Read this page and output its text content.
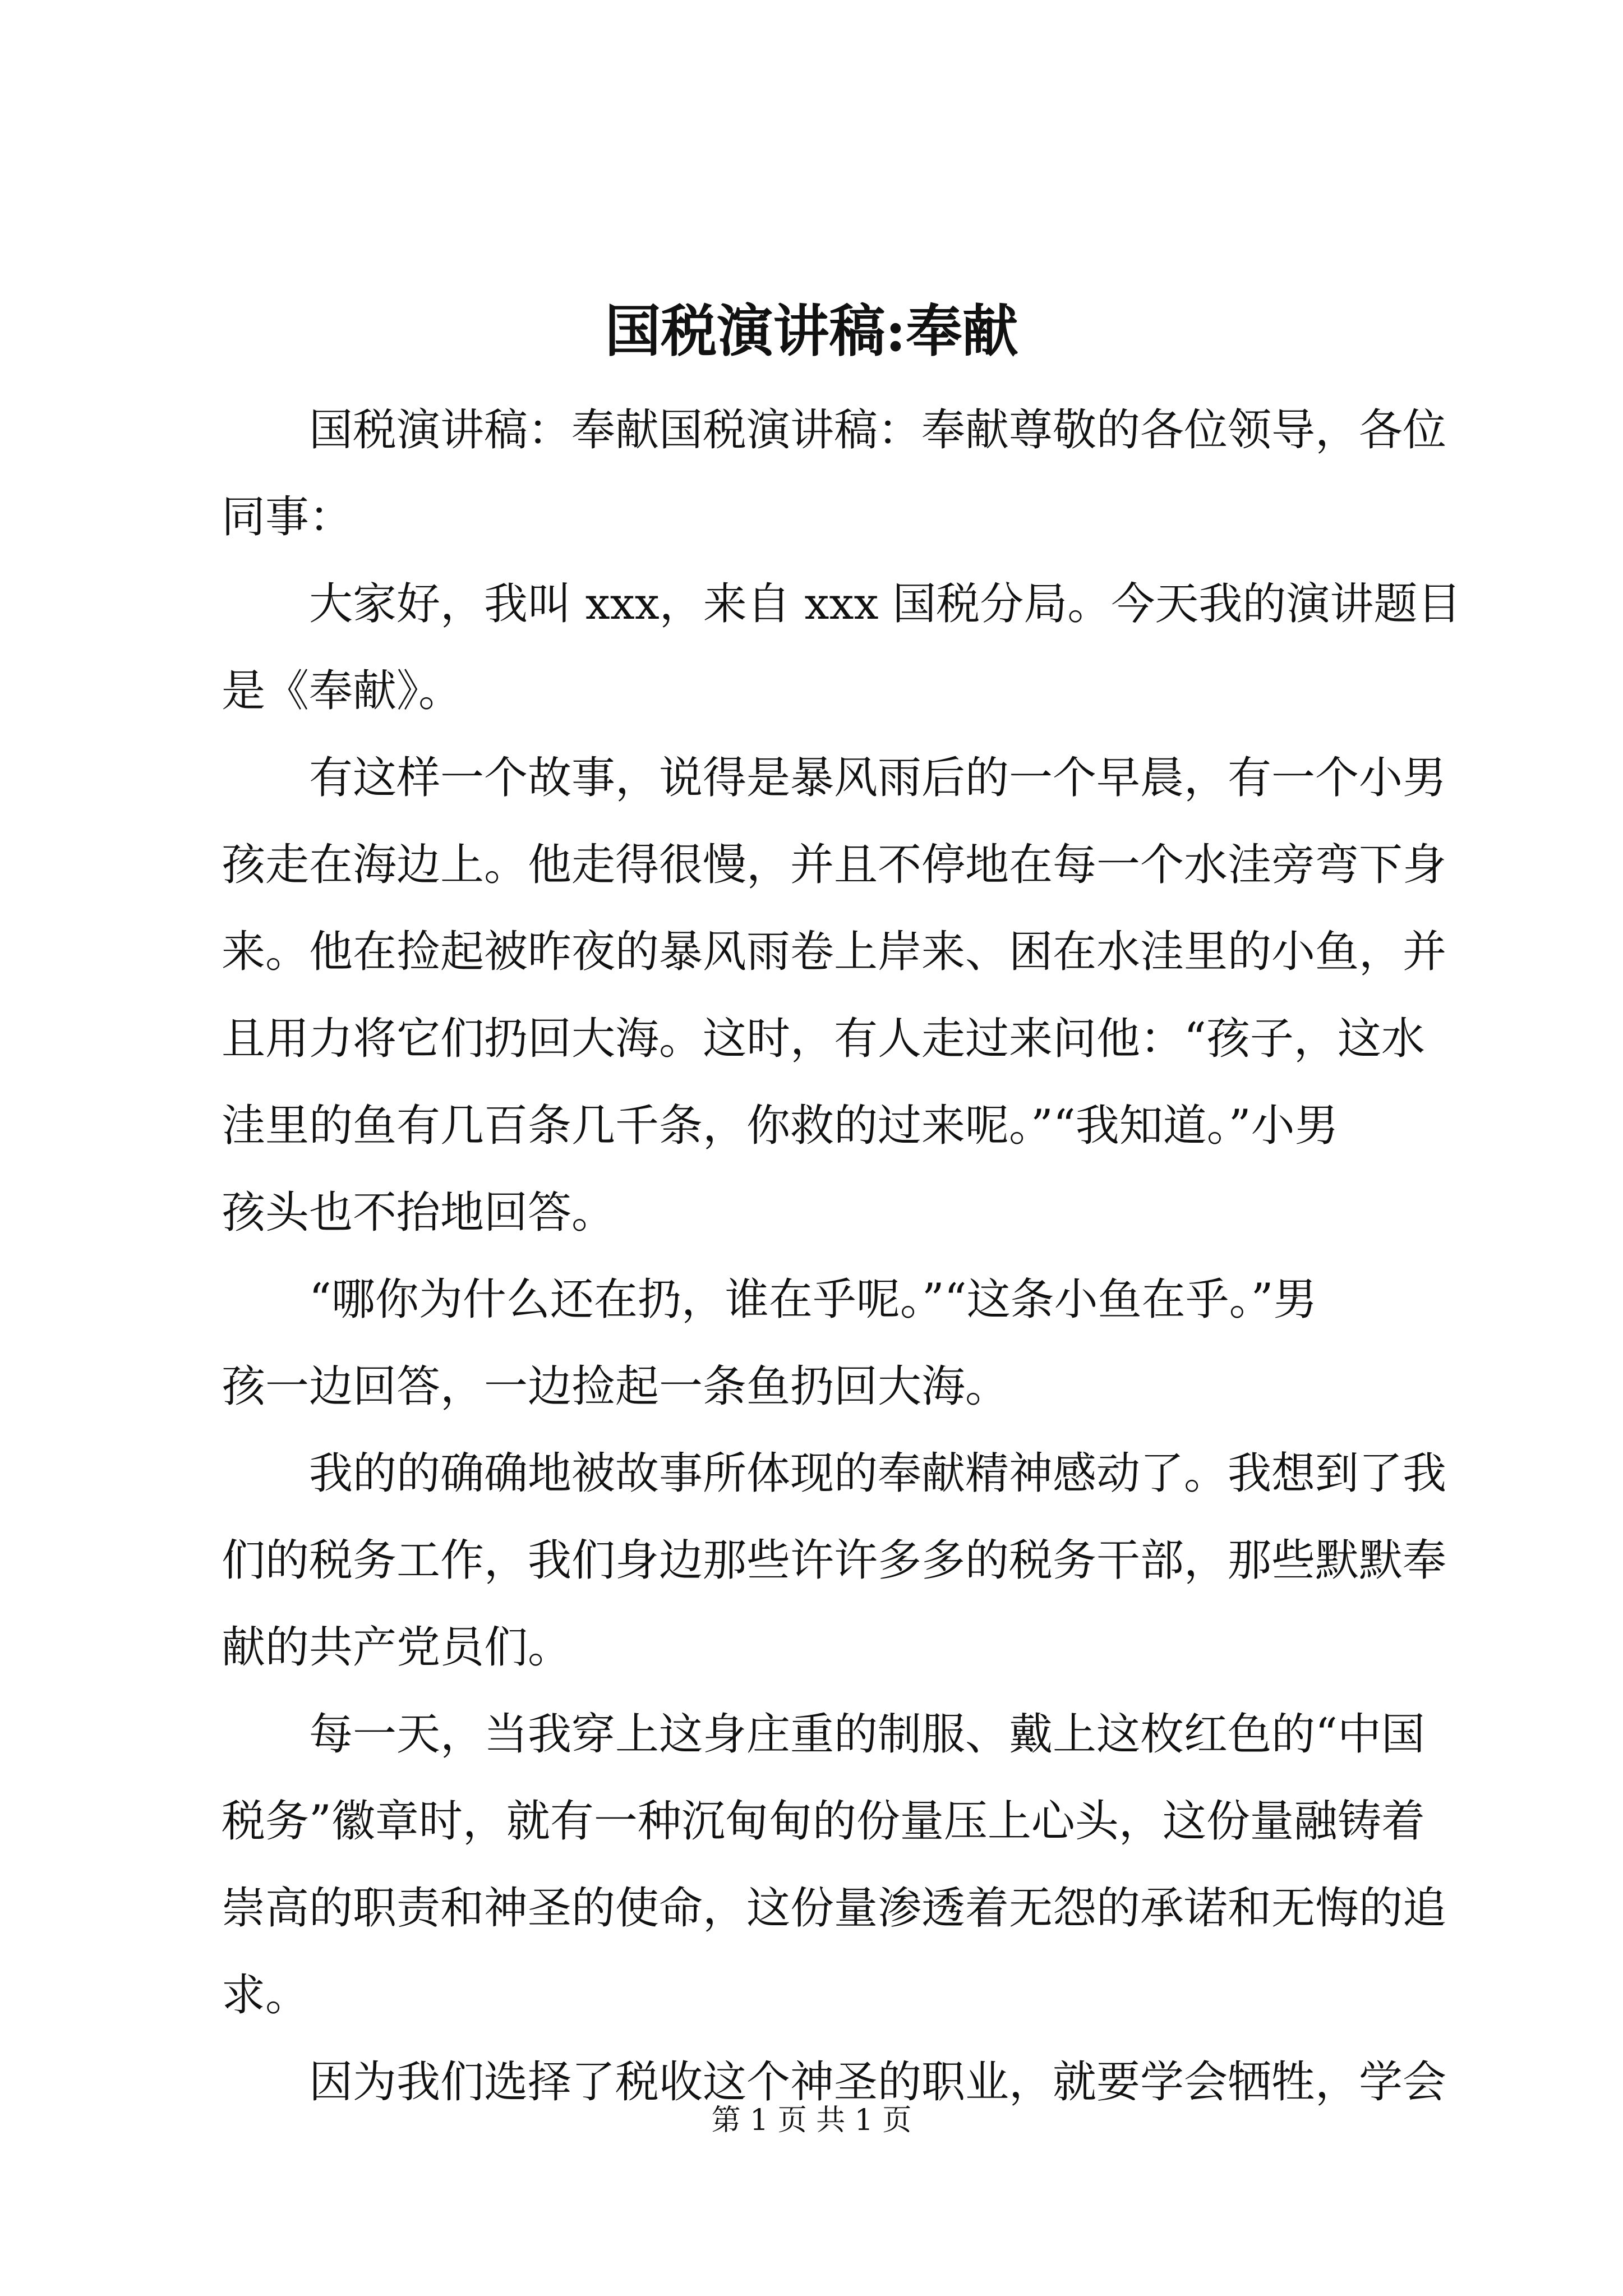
国税演讲稿:奉献
国税演讲稿：奉献国税演讲稿：奉献尊敬的各位领导，各位
同事：
大家好，我叫 xxx，来自 xxx 国税分局。今天我的演讲题目
是《奉献》。
有这样一个故事，说得是暴风雨后的一个早晨，有一个小男
孩走在海边上。他走得很慢，并且不停地在每一个水洼旁弯下身
来。他在捡起被昨夜的暴风雨卷上岸来、困在水洼里的小鱼，并
且用力将它们扔回大海。这时，有人走过来问他：“孩子，这水
洼里的鱼有几百条几千条，你救的过来呢。”“我知道。”小男
孩头也不抬地回答。
“哪你为什么还在扔，谁在乎呢。”“这条小鱼在乎。”男
孩一边回答，一边捡起一条鱼扔回大海。
我的的确确地被故事所体现的奉献精神感动了。我想到了我
们的税务工作，我们身边那些许许多多的税务干部，那些默默奉
献的共产党员们。
每一天，当我穿上这身庄重的制服、戴上这枚红色的“中国
税务”徽章时，就有一种沉甸甸的份量压上心头，这份量融铸着
崇高的职责和神圣的使命，这份量渗透着无怨的承诺和无悔的追
求。
因为我们选择了税收这个神圣的职业，就要学会牺牲，学会
第 1 页 共 1 页
